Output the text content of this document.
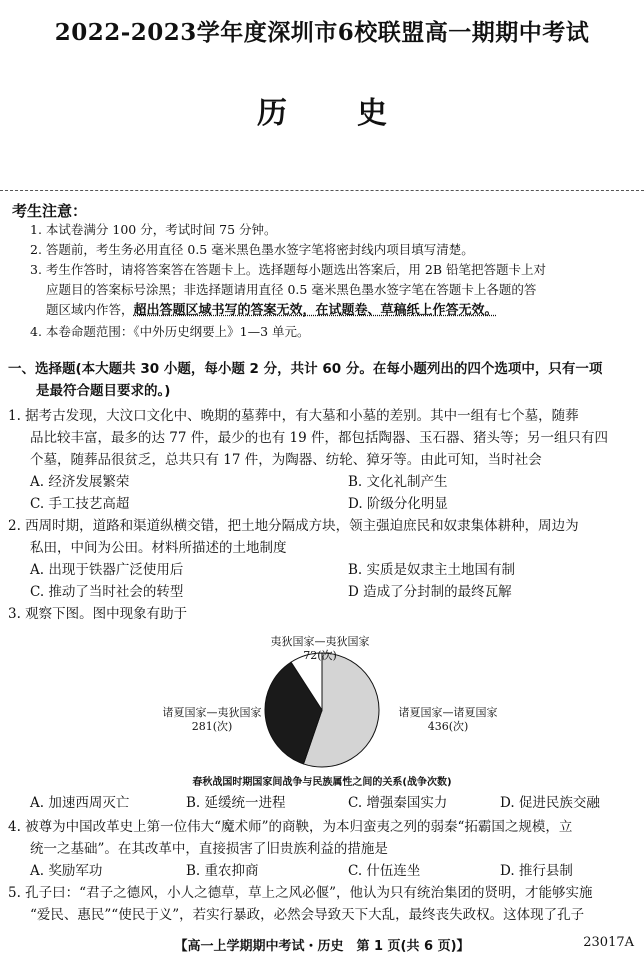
2022-2023学年度深圳市6校联盟高一期期中考试
历史
考生注意：
1. 本试卷满分 100 分，考试时间 75 分钟。
2. 答题前，考生务必用直径 0.5 毫米黑色墨水签字笔将密封线内项目填写清楚。
3. 考生作答时，请将答案答在答题卡上。选择题每小题选出答案后，用 2B 铅笔把答题卡上对
应题目的答案标号涂黑；非选择题请用直径 0.5 毫米黑色墨水签字笔在答题卡上各题的答
题区域内作答，超出答题区域书写的答案无效，在试题卷、草稿纸上作答无效。
4. 本卷命题范围：《中外历史纲要上》1—3 单元。
一、选择题(本大题共 30 小题，每小题 2 分，共计 60 分。在每小题列出的四个选项中，只有一项
是最符合题目要求的。)
1. 据考古发现，大汶口文化中、晚期的墓葬中，有大墓和小墓的差别。其中一组有七个墓，随葬
品比较丰富，最多的达 77 件，最少的也有 19 件，都包括陶器、玉石器、猪头等；另一组只有四
个墓，随葬品很贫乏，总共只有 17 件，为陶器、纺轮、獐牙等。由此可知，当时社会
A. 经济发展繁荣	B. 文化礼制产生
C. 手工技艺高超	D. 阶级分化明显
2. 西周时期，道路和渠道纵横交错，把土地分隔成方块，领主强迫庶民和奴隶集体耕种，周边为
私田，中间为公田。材料所描述的土地制度
A. 出现于铁器广泛使用后	B. 实质是奴隶主土地国有制
C. 推动了当时社会的转型	D 造成了分封制的最终瓦解
3. 观察下图。图中现象有助于
夷狄国家—夷狄国家
72(次)
诸夏国家—夷狄国家
281(次)
诸夏国家—诸夏国家
436(次)
春秋战国时期国家间战争与民族属性之间的关系(战争次数)
A. 加速西周灭亡	B. 延缓统一进程	C. 增强秦国实力	D. 促进民族交融
4. 被尊为中国改革史上第一位伟大“魔术师”的商鞅，为本归蛮夷之列的弱秦“拓霸国之规模，立
统一之基础”。在其改革中，直接损害了旧贵族利益的措施是
A. 奖励军功	B. 重农抑商	C. 什伍连坐	D. 推行县制
5. 孔子曰：“君子之德风，小人之德草，草上之风必偃”，他认为只有统治集团的贤明，才能够实施
“爱民、惠民”“使民于义”，若实行暴政，必然会导致天下大乱，最终丧失政权。这体现了孔子
【高一上学期期中考试・历史　第 1 页(共 6 页)】	23017A
